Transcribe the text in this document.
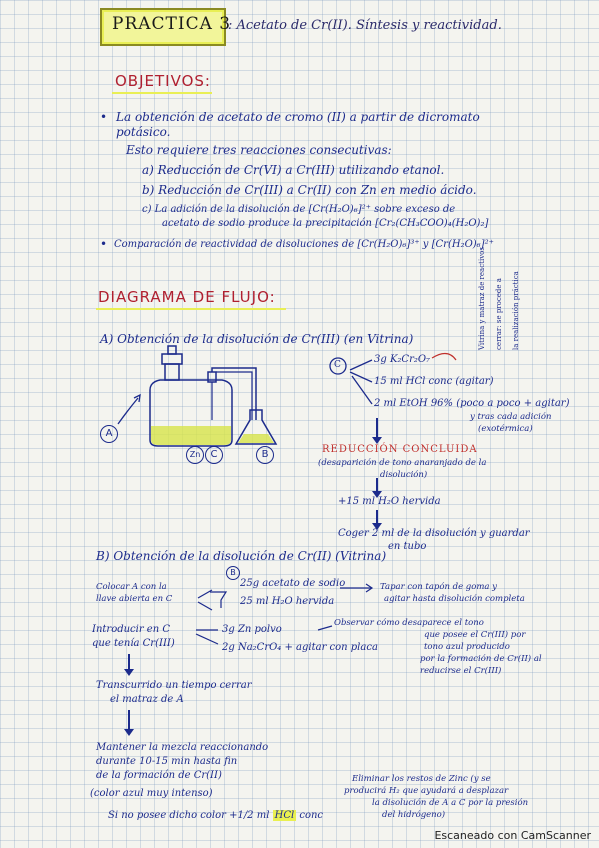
PRACTICA 3
: Acetato de Cr(II). Síntesis y reactividad.
OBJETIVOS:
• La obtención de acetato de cromo (II) a partir de dicromato
potásico.
Esto requiere tres reacciones consecutivas:
a) Reducción de Cr(VI) a Cr(III) utilizando etanol.
b) Reducción de Cr(III) a Cr(II) con Zn en medio ácido.
c) La adición de la disolución de [Cr(H₂O)₆]²⁺ sobre exceso de
acetato de sodio produce la precipitación [Cr₂(CH₃COO)₄(H₂O)₂]
• Comparación de reactividad de disoluciones de [Cr(H₂O)₆]³⁺ y [Cr(H₂O)₆]²⁺
DIAGRAMA DE FLUJO:	Vitrina y matraz de reactivos cerrar: se procede a la realización práctica
A) Obtención de la disolución de Cr(III) (en Vitrina)
A
C
Zn	B
C	3g K₂Cr₂O₇
15 ml HCl conc (agitar)
2 ml EtOH 96% (poco a poco + agitar)
y tras cada adición
(exotérmica)
REDUCCIÓN CONCLUIDA
(desaparición de tono anaranjado de la
disolución)
+15 ml H₂O hervida
Coger 2 ml de la disolución y guardar
en tubo
B) Obtención de la disolución de Cr(II) (Vitrina)
B
Colocar A con la
llave abierta en C
25g acetato de sodio
25 ml H₂O hervida
Tapar con tapón de goma y
agitar hasta disolución completa
Introducir en C
que tenía Cr(III)
3g Zn polvo
2g Na₂CrO₄ + agitar con placa
Observar cómo desaparece el tono
que posee el Cr(III) por
tono azul producido
por la formación de Cr(II) al
reducirse el Cr(III)
Transcurrido un tiempo cerrar
el matraz de A
Mantener la mezcla reaccionando
durante 10-15 min hasta fin
de la formación de Cr(II)
(color azul muy intenso)
Si no posee dicho color +1/2 ml HCl conc
Eliminar los restos de Zinc (y se
producirá H₂ que ayudará a desplazar
la disolución de A a C por la presión
del hidrógeno)
Escaneado con CamScanner
